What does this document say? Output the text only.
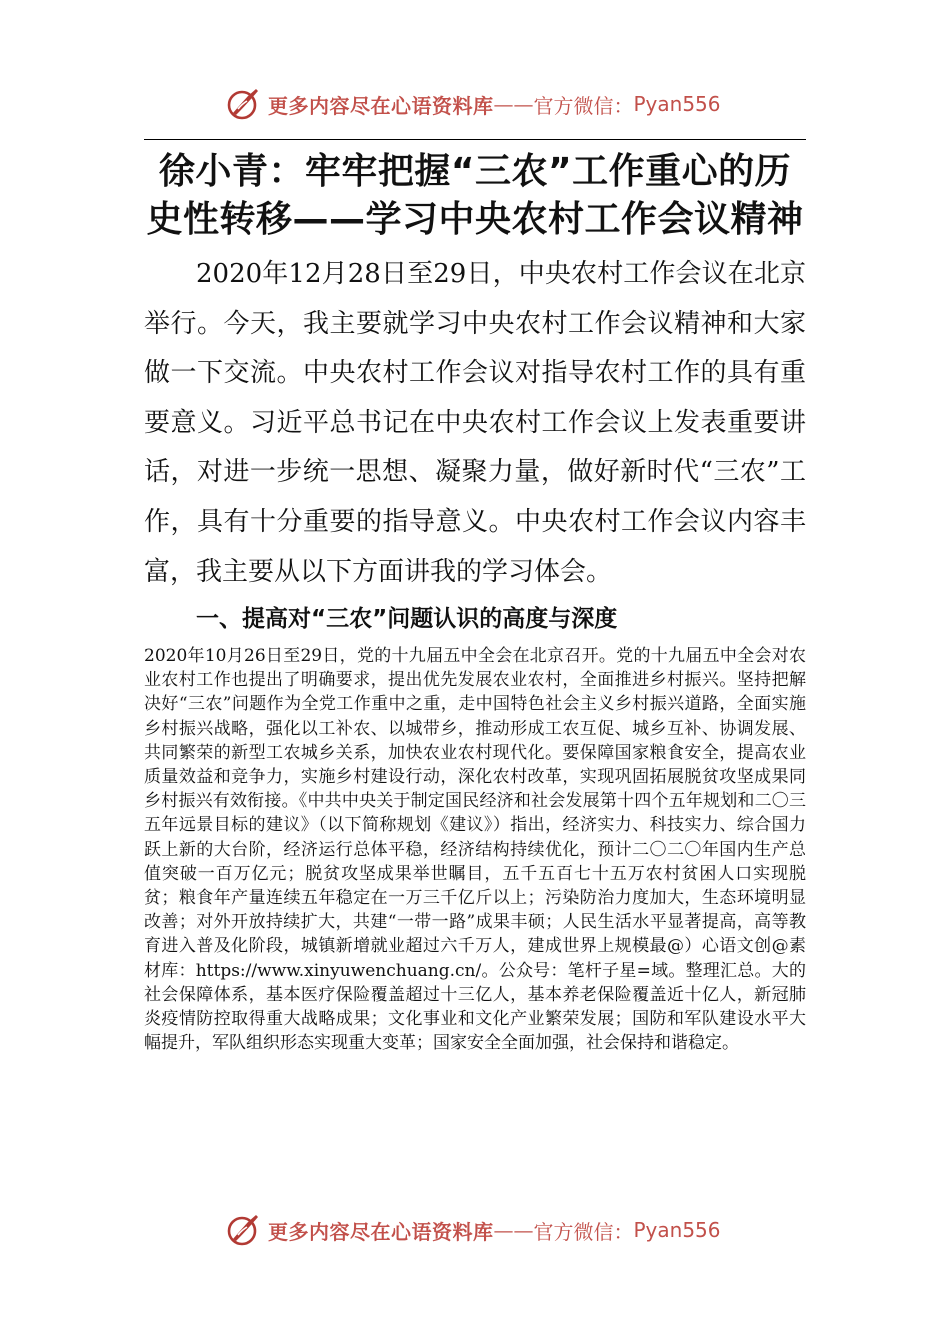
更多内容尽在心语资料库 —— 官方微信： Pyan556
徐小青：牢牢把握“三农”工作重心的历史性转移——学习中央农村工作会议精神

2020年12月28日至29日，中央农村工作会议在北京举行。今天，我主要就学习中央农村工作会议精神和大家做一下交流。中央农村工作会议对指导农村工作的具有重要意义。习近平总书记在中央农村工作会议上发表重要讲话，对进一步统一思想、凝聚力量，做好新时代“三农”工作，具有十分重要的指导意义。中央农村工作会议内容丰富，我主要从以下方面讲我的学习体会。

一、提高对“三农”问题认识的高度与深度

2020年10月26日至29日，党的十九届五中全会在北京召开。党的十九届五中全会对农业农村工作也提出了明确要求，提出优先发展农业农村，全面推进乡村振兴。坚持把解决好“三农”问题作为全党工作重中之重，走中国特色社会主义乡村振兴道路，全面实施乡村振兴战略，强化以工补农、以城带乡，推动形成工农互促、城乡互补、协调发展、共同繁荣的新型工农城乡关系，加快农业农村现代化。要保障国家粮食安全，提高农业质量效益和竞争力，实施乡村建设行动，深化农村改革，实现巩固拓展脱贫攻坚成果同乡村振兴有效衔接。《中共中央关于制定国民经济和社会发展第十四个五年规划和二〇三五年远景目标的建议》（以下简称规划《建议》）指出，经济实力、科技实力、综合国力跃上新的大台阶，经济运行总体平稳，经济结构持续优化，预计二〇二〇年国内生产总值突破一百万亿元；脱贫攻坚成果举世瞩目，五千五百七十五万农村贫困人口实现脱贫；粮食年产量连续五年稳定在一万三千亿斤以上；污染防治力度加大，生态环境明显改善；对外开放持续扩大，共建“一带一路”成果丰硕；人民生活水平显著提高，高等教育进入普及化阶段，城镇新增就业超过六千万人，建成世界上规模最@）心语文创@素材库：https://www.xinyuwenchuang.cn/。公众号：笔杆子星=域。整理汇总。大的社会保障体系，基本医疗保险覆盖超过十三亿人，基本养老保险覆盖近十亿人，新冠肺炎疫情防控取得重大战略成果；文化事业和文化产业繁荣发展；国防和军队建设水平大幅提升，军队组织形态实现重大变革；国家安全全面加强，社会保持和谐稳定。

更多内容尽在心语资料库 —— 官方微信： Pyan556
